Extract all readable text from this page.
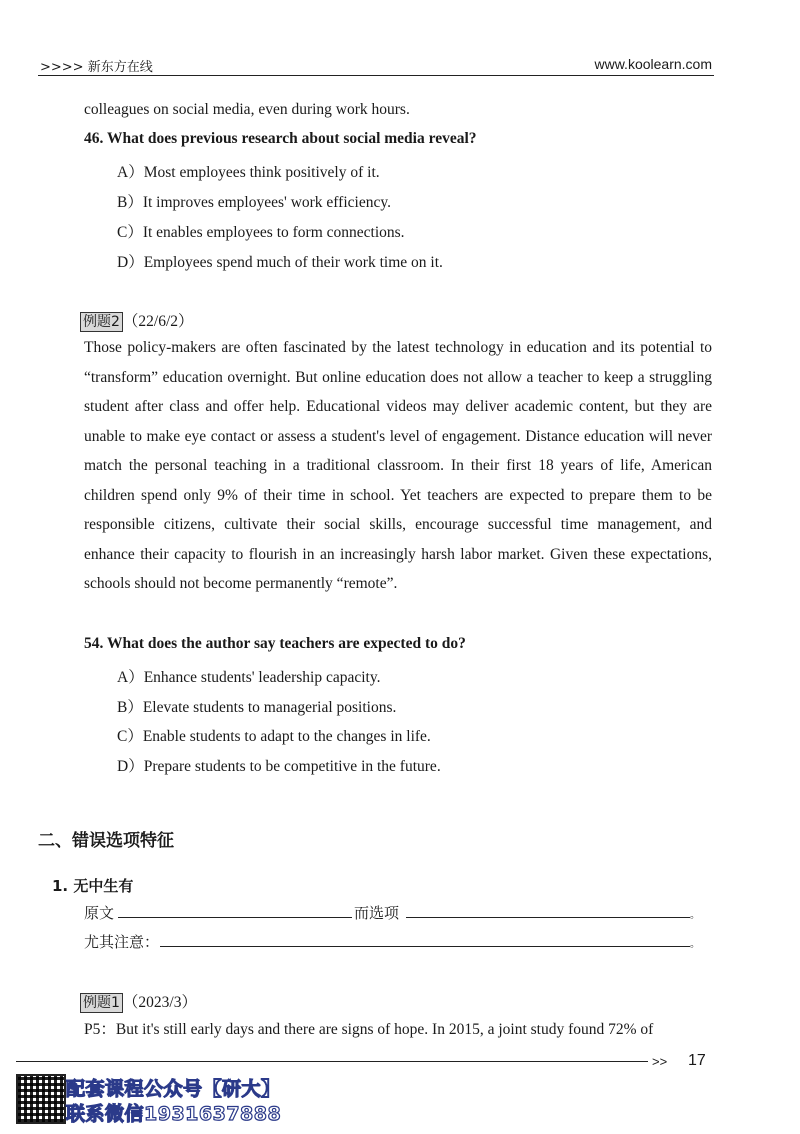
>>>> 新东方在线	www.koolearn.com
colleagues on social media, even during work hours.
46. What does previous research about social media reveal?
A）Most employees think positively of it.
B）It improves employees' work efficiency.
C）It enables employees to form connections.
D）Employees spend much of their work time on it.
例题2 （22/6/2）
Those policy-makers are often fascinated by the latest technology in education and its potential to “transform” education overnight. But online education does not allow a teacher to keep a struggling student after class and offer help. Educational videos may deliver academic content, but they are unable to make eye contact or assess a student's level of engagement. Distance education will never match the personal teaching in a traditional classroom. In their first 18 years of life, American children spend only 9% of their time in school. Yet teachers are expected to prepare them to be responsible citizens, cultivate their social skills, encourage successful time management, and enhance their capacity to flourish in an increasingly harsh labor market. Given these expectations, schools should not become permanently “remote”.
54. What does the author say teachers are expected to do?
A）Enhance students' leadership capacity.
B）Elevate students to managerial positions.
C）Enable students to adapt to the changes in life.
D）Prepare students to be competitive in the future.
二、错误选项特征
1. 无中生有
原文	而选项	。
尤其注意：	。
例题1 （2023/3）
P5：But it's still early days and there are signs of hope. In 2015, a joint study found 72% of
>> 17
配套课程公众号【研大】
联系微信1931637888
